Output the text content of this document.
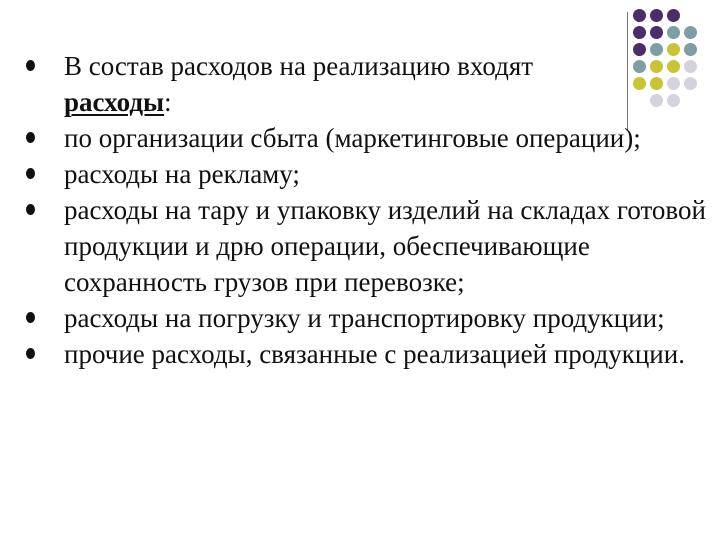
В состав расходов на реализацию входят
расходы:
по организации сбыта (маркетинговые операции);
расходы на рекламу;
расходы на тару и упаковку изделий на складах готовой продукции и дрю операции, обеспечивающие сохранность грузов при перевозке;
расходы на погрузку и транспортировку продукции;
прочие расходы, связанные с реализацией продукции.
